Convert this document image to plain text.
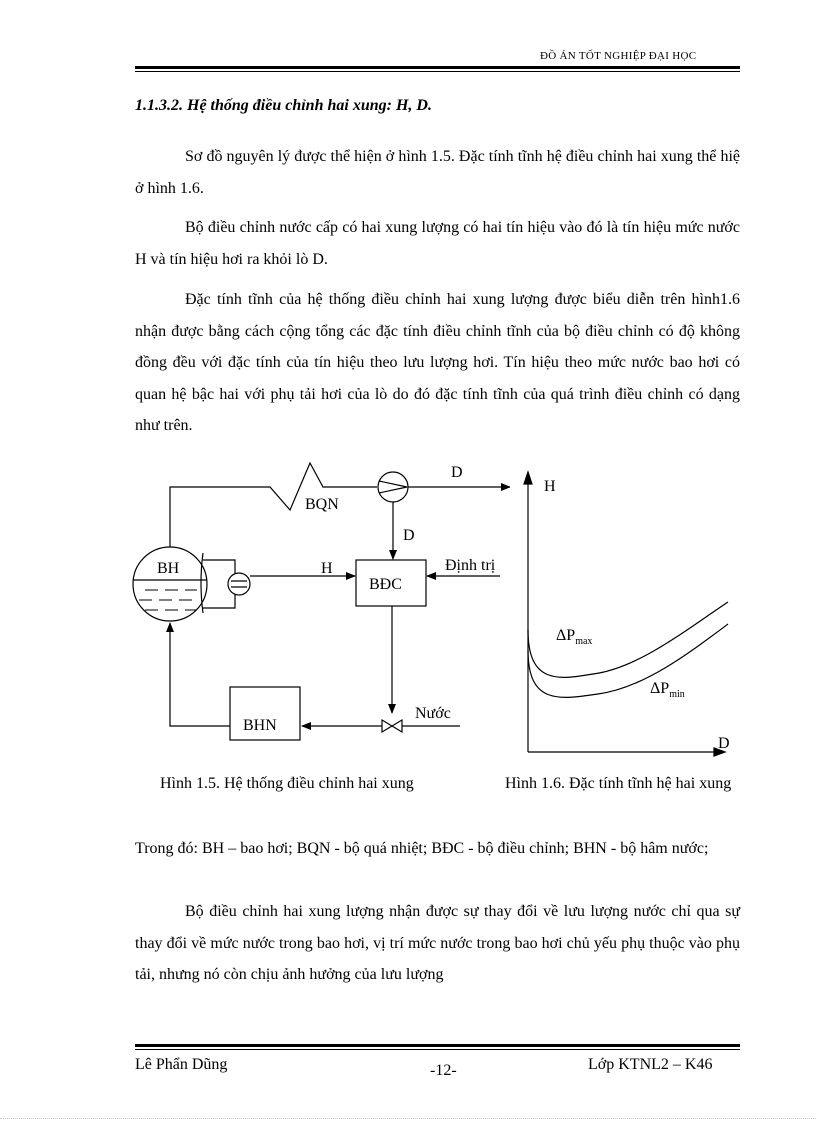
ĐỒ ÁN TỐT NGHIỆP ĐẠI HỌC
1.1.3.2. Hệ thống điều chỉnh hai xung: H, D.

Sơ đồ nguyên lý được thể hiện ở hình 1.5. Đặc tính tĩnh hệ điều chỉnh hai xung thể hiệ ở hình 1.6.

Bộ điều chỉnh nước cấp có hai xung lượng có hai tín hiệu vào đó là tín hiệu mức nước H và tín hiệu hơi ra khỏi lò D.

Đặc tính tĩnh của hệ thống điều chỉnh hai xung lượng được biểu diễn trên hình1.6 nhận được bằng cách cộng tổng các đặc tính điều chỉnh tĩnh của bộ điều chỉnh có độ không đồng đều với đặc tính của tín hiệu theo lưu lượng hơi. Tín hiệu theo mức nước bao hơi có quan hệ bậc hai với phụ tải hơi của lò do đó đặc tính tĩnh của quá trình điều chỉnh có dạng như trên.

BH
BQN
D
D
H
BĐC
Định trị
Nước
BHN
H
D
$\Delta P_{max}$
$\Delta P_{min}$
Hình 1.5. Hệ thống điều chỉnh hai xung	Hình 1.6. Đặc tính tĩnh hệ hai xung

Trong đó: BH – bao hơi; BQN - bộ quá nhiệt; BĐC - bộ điều chỉnh; BHN - bộ hâm nước;

Bộ điều chỉnh hai xung lượng nhận được sự thay đổi về lưu lượng nước chỉ qua sự thay đổi về mức nước trong bao hơi, vị trí mức nước trong bao hơi chủ yếu phụ thuộc vào phụ tải, nhưng nó còn chịu ảnh hưởng của lưu lượng

Lê Phẩn Dũng	-12-	Lớp KTNL2 – K46
